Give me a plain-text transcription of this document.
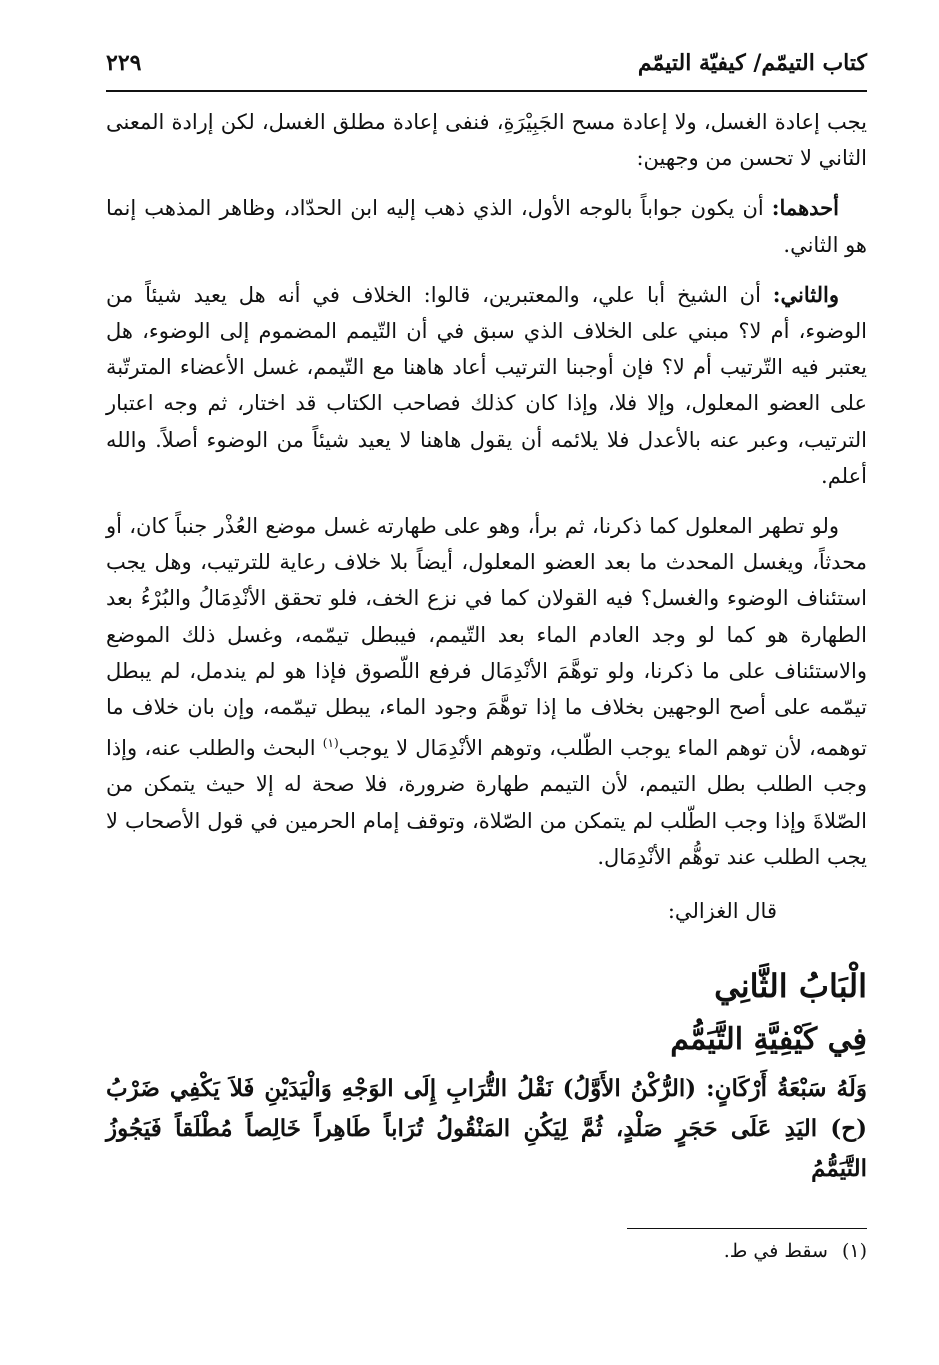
كتاب التيمّم/ كيفيّة التيمّم
٢٢٩

يجب إعادة الغسل، ولا إعادة مسح الجَبِيْرَةِ، فنفى إعادة مطلق الغسل، لكن إرادة المعنى الثاني لا تحسن من وجهين:

أحدهما: أن يكون جواباً بالوجه الأول، الذي ذهب إليه ابن الحدّاد، وظاهر المذهب إنما هو الثاني.

والثاني: أن الشيخ أبا علي، والمعتبرين، قالوا: الخلاف في أنه هل يعيد شيئاً من الوضوء، أم لا؟ مبني على الخلاف الذي سبق في أن التّيمم المضموم إلى الوضوء، هل يعتبر فيه التّرتيب أم لا؟ فإن أوجبنا الترتيب أعاد هاهنا مع التّيمم، غسل الأعضاء المترتّبة على العضو المعلول، وإلا فلا، وإذا كان كذلك فصاحب الكتاب قد اختار، ثم وجه اعتبار الترتيب، وعبر عنه بالأعدل فلا يلائمه أن يقول هاهنا لا يعيد شيئاً من الوضوء أصلاً. والله أعلم.

ولو تطهر المعلول كما ذكرنا، ثم برأ، وهو على طهارته غسل موضع العُذْر جنباً كان، أو محدثاً، ويغسل المحدث ما بعد العضو المعلول، أيضاً بلا خلاف رعاية للترتيب، وهل يجب استئناف الوضوء والغسل؟ فيه القولان كما في نزع الخف، فلو تحقق الأنْدِمَالُ والبُرْءُ بعد الطهارة هو كما لو وجد العادم الماء بعد التّيمم، فيبطل تيمّمه، وغسل ذلك الموضع والاستئناف على ما ذكرنا، ولو توهَّمَ الأنْدِمَال فرفع اللّصوق فإذا هو لم يندمل، لم يبطل تيمّمه على أصح الوجهين بخلاف ما إذا توهَّمَ وجود الماء، يبطل تيمّمه، وإن بان خلاف ما توهمه، لأن توهم الماء يوجب الطّلب، وتوهم الأنْدِمَال لا يوجب$^{(١)}$ البحث والطلب عنه، وإذا وجب الطلب بطل التيمم، لأن التيمم طهارة ضرورة، فلا صحة له إلا حيث يتمكن من الصّلاةَ وإذا وجب الطّلب لم يتمكن من الصّلاة، وتوقف إمام الحرمين في قول الأصحاب لا يجب الطلب عند توهُّم الأنْدِمَال.

قال الغزالي:

الْبَابُ الثَّانِي
فِي كَيْفِيَّةِ التَّيَمُّم

وَلَهُ سَبْعَةُ أَرْكَانٍ: (الرُّكْنُ الأَوَّلُ) نَقْلُ التُّرَابِ إِلَى الوَجْهِ وَالْيَدَيْنِ فَلاَ يَكْفِي ضَرْبُ (ح) اليَدِ عَلَى حَجَرٍ صَلْدٍ، ثُمَّ لِيَكُنِ المَنْقُولُ تُرَاباً طَاهِراً خَالِصاً مُطْلَقاً فَيَجُوزُ التَّيَمُّمُ

(١)سقط في ط.
